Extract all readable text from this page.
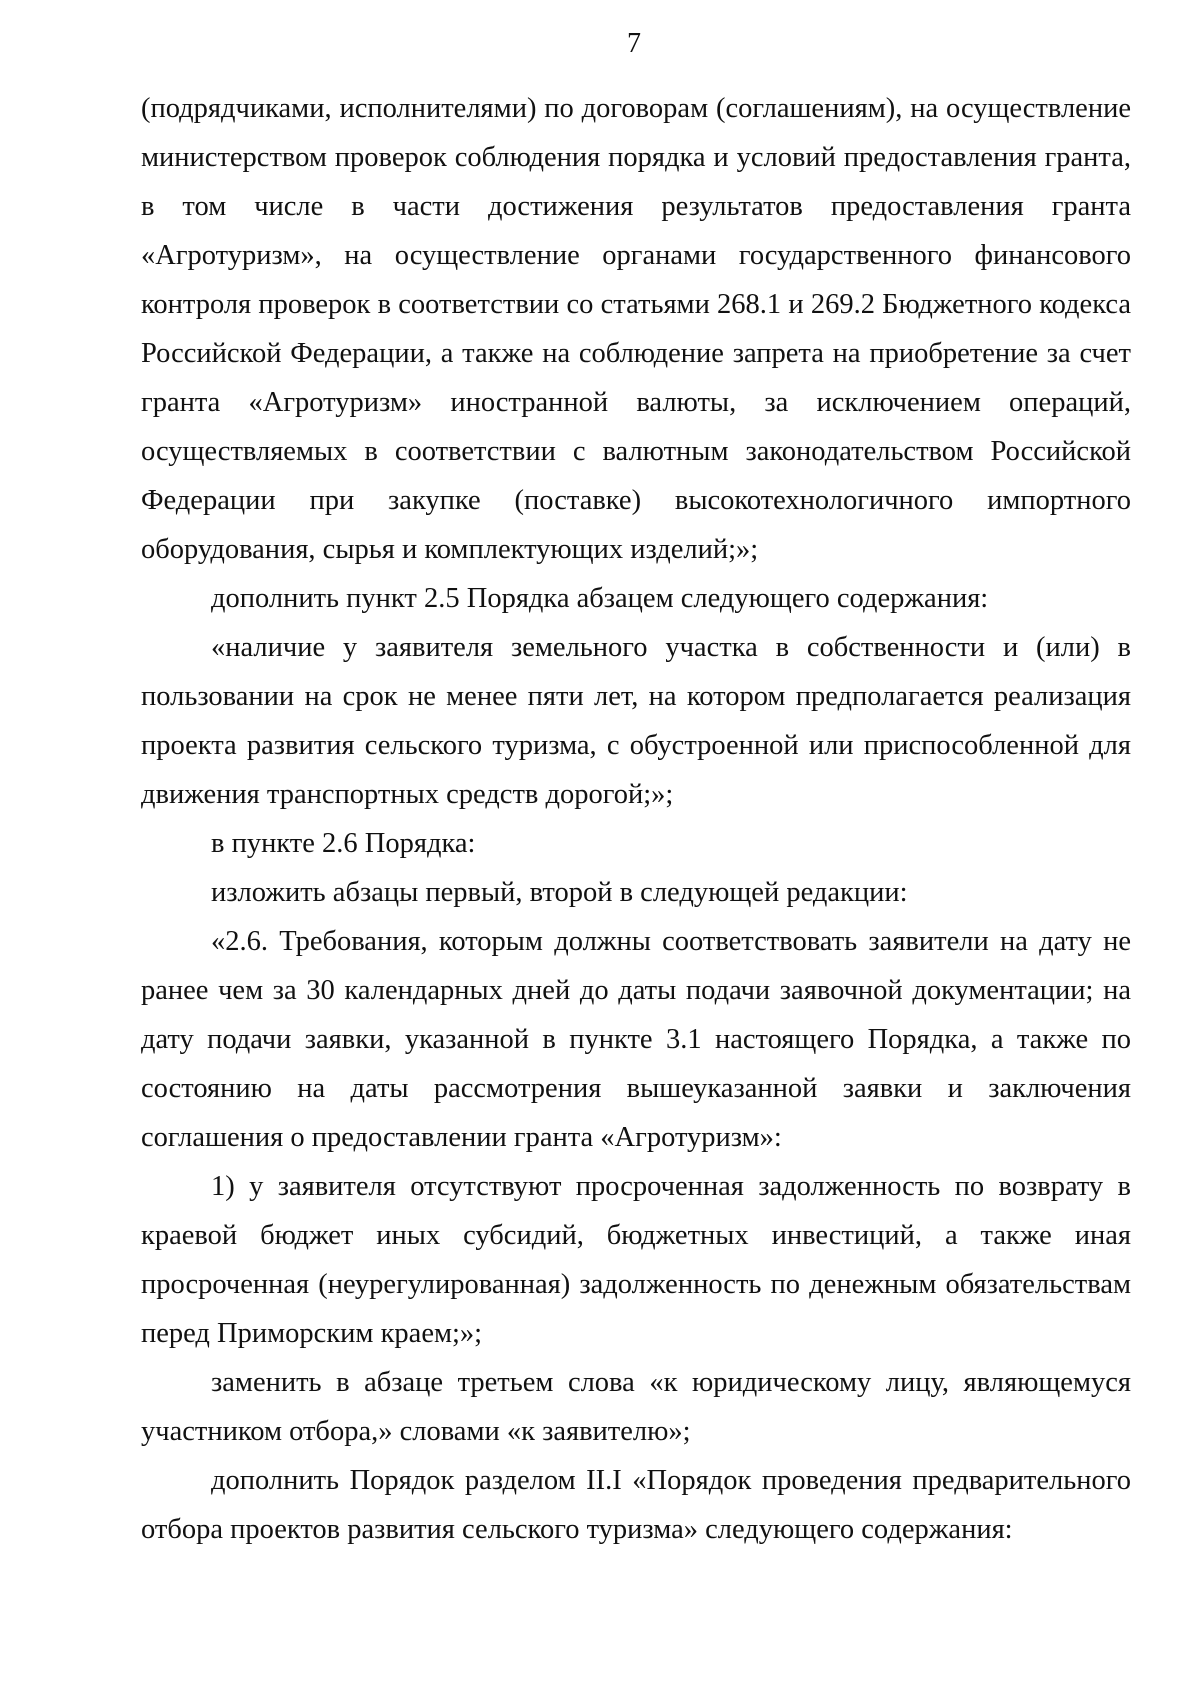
7

(подрядчиками, исполнителями) по договорам (соглашениям), на осуществление министерством проверок соблюдения порядка и условий предоставления гранта, в том числе в части достижения результатов предоставления гранта «Агротуризм», на осуществление органами государственного финансового контроля проверок в соответствии со статьями 268.1 и 269.2 Бюджетного кодекса Российской Федерации, а также на соблюдение запрета на приобретение за счет гранта «Агротуризм» иностранной валюты, за исключением операций, осуществляемых в соответствии с валютным законодательством Российской Федерации при закупке (поставке) высокотехнологичного импортного оборудования, сырья и комплектующих изделий;»;

дополнить пункт 2.5 Порядка абзацем следующего содержания:

«наличие у заявителя земельного участка в собственности и (или) в пользовании на срок не менее пяти лет, на котором предполагается реализация проекта развития сельского туризма, с обустроенной или приспособленной для движения транспортных средств дорогой;»;

в пункте 2.6 Порядка:

изложить абзацы первый, второй в следующей редакции:

«2.6. Требования, которым должны соответствовать заявители на дату не ранее чем за 30 календарных дней до даты подачи заявочной документации; на дату подачи заявки, указанной в пункте 3.1 настоящего Порядка, а также по состоянию на даты рассмотрения вышеуказанной заявки и заключения соглашения о предоставлении гранта «Агротуризм»:

1) у заявителя отсутствуют просроченная задолженность по возврату в краевой бюджет иных субсидий, бюджетных инвестиций, а также иная просроченная (неурегулированная) задолженность по денежным обязательствам перед Приморским краем;»;

заменить в абзаце третьем слова «к юридическому лицу, являющемуся участником отбора,» словами «к заявителю»;

дополнить Порядок разделом II.I «Порядок проведения предварительного отбора проектов развития сельского туризма» следующего содержания:
